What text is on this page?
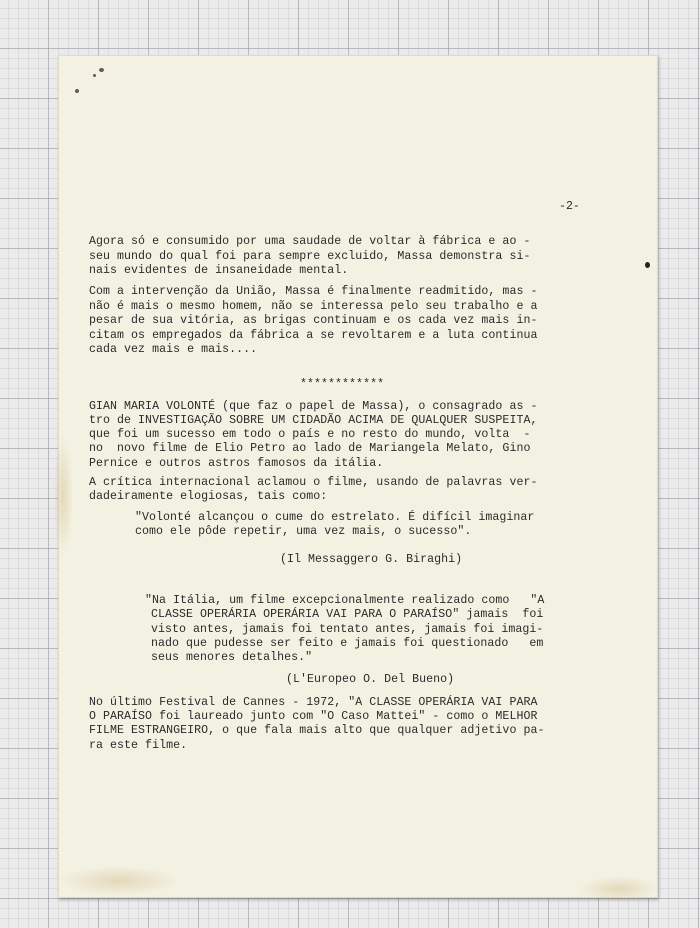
-2-
Agora só e consumido por uma saudade de voltar à fábrica e ao -
seu mundo do qual foi para sempre excluido, Massa demonstra si-
nais evidentes de insaneidade mental.
Com a intervenção da União, Massa é finalmente readmitido, mas -
não é mais o mesmo homem, não se interessa pelo seu trabalho e a
pesar de sua vitória, as brigas continuam e os cada vez mais in-
citam os empregados da fábrica a se revoltarem e a luta continua
cada vez mais e mais....
************
GIAN MARIA VOLONTÉ (que faz o papel de Massa), o consagrado as -
tro de INVESTIGAÇÃO SOBRE UM CIDADÃO ACIMA DE QUALQUER SUSPEITA,
que foi um sucesso em todo o país e no resto do mundo, volta  -
no  novo filme de Elio Petro ao lado de Mariangela Melato, Gino
Pernice e outros astros famosos da itália.
A crítica internacional aclamou o filme, usando de palavras ver-
dadeiramente elogiosas, tais como:
"Volonté alcançou o cume do estrelato. É difícil imaginar
como ele pôde repetir, uma vez mais, o sucesso".
(Il Messaggero G. Biraghi)
"Na Itália, um filme excepcionalmente realizado como   "A
CLASSE OPERÁRIA OPERÁRIA VAI PARA O PARAÍSO" jamais  foi
visto antes, jamais foi tentato antes, jamais foi imagi-
nado que pudesse ser feito e jamais foi questionado   em
seus menores detalhes."
(L'Europeo O. Del Bueno)
No último Festival de Cannes - 1972, "A CLASSE OPERÁRIA VAI PARA
O PARAÍSO foi laureado junto com "O Caso Mattei" - como o MELHOR
FILME ESTRANGEIRO, o que fala mais alto que qualquer adjetivo pa-
ra este filme.
